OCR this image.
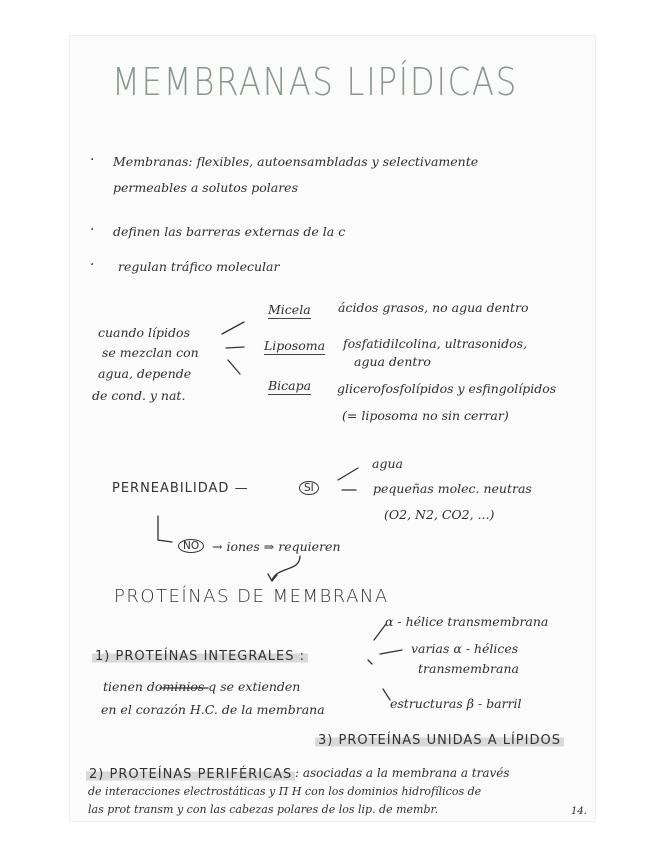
MEMBRANAS LIPÍDICAS
· Membranas: flexibles, autoensambladas y selectivamente
permeables a solutos polares
· definen las barreras externas de la c
· regulan tráfico molecular
cuando lípidos
se mezclan con
agua, depende
de cond. y nat.
Micela ácidos grasos, no agua dentro
Liposoma fosfatidilcolina, ultrasonidos,
agua dentro
Bicapa glicerofosfolípidos y esfingolípidos
(= liposoma no sin cerrar)
PERNEABILIDAD —	SI
agua
pequeñas molec. neutras
(O2, N2, CO2, ...)
NO	→ iones ⇒ requieren
PROTEÍNAS DE MEMBRANA
1) PROTEÍNAS INTEGRALES :
tienen dominios q se extienden
en el corazón H.C. de la membrana
α - hélice transmembrana
varias α - hélices
transmembrana
estructuras β - barril
3) PROTEÍNAS UNIDAS A LÍPIDOS
2) PROTEÍNAS PERIFÉRICAS : asociadas a la membrana a través
de interacciones electrostáticas y Π H con los dominios hidrofílicos de
las prot transm y con las cabezas polares de los lip. de membr.	14.
